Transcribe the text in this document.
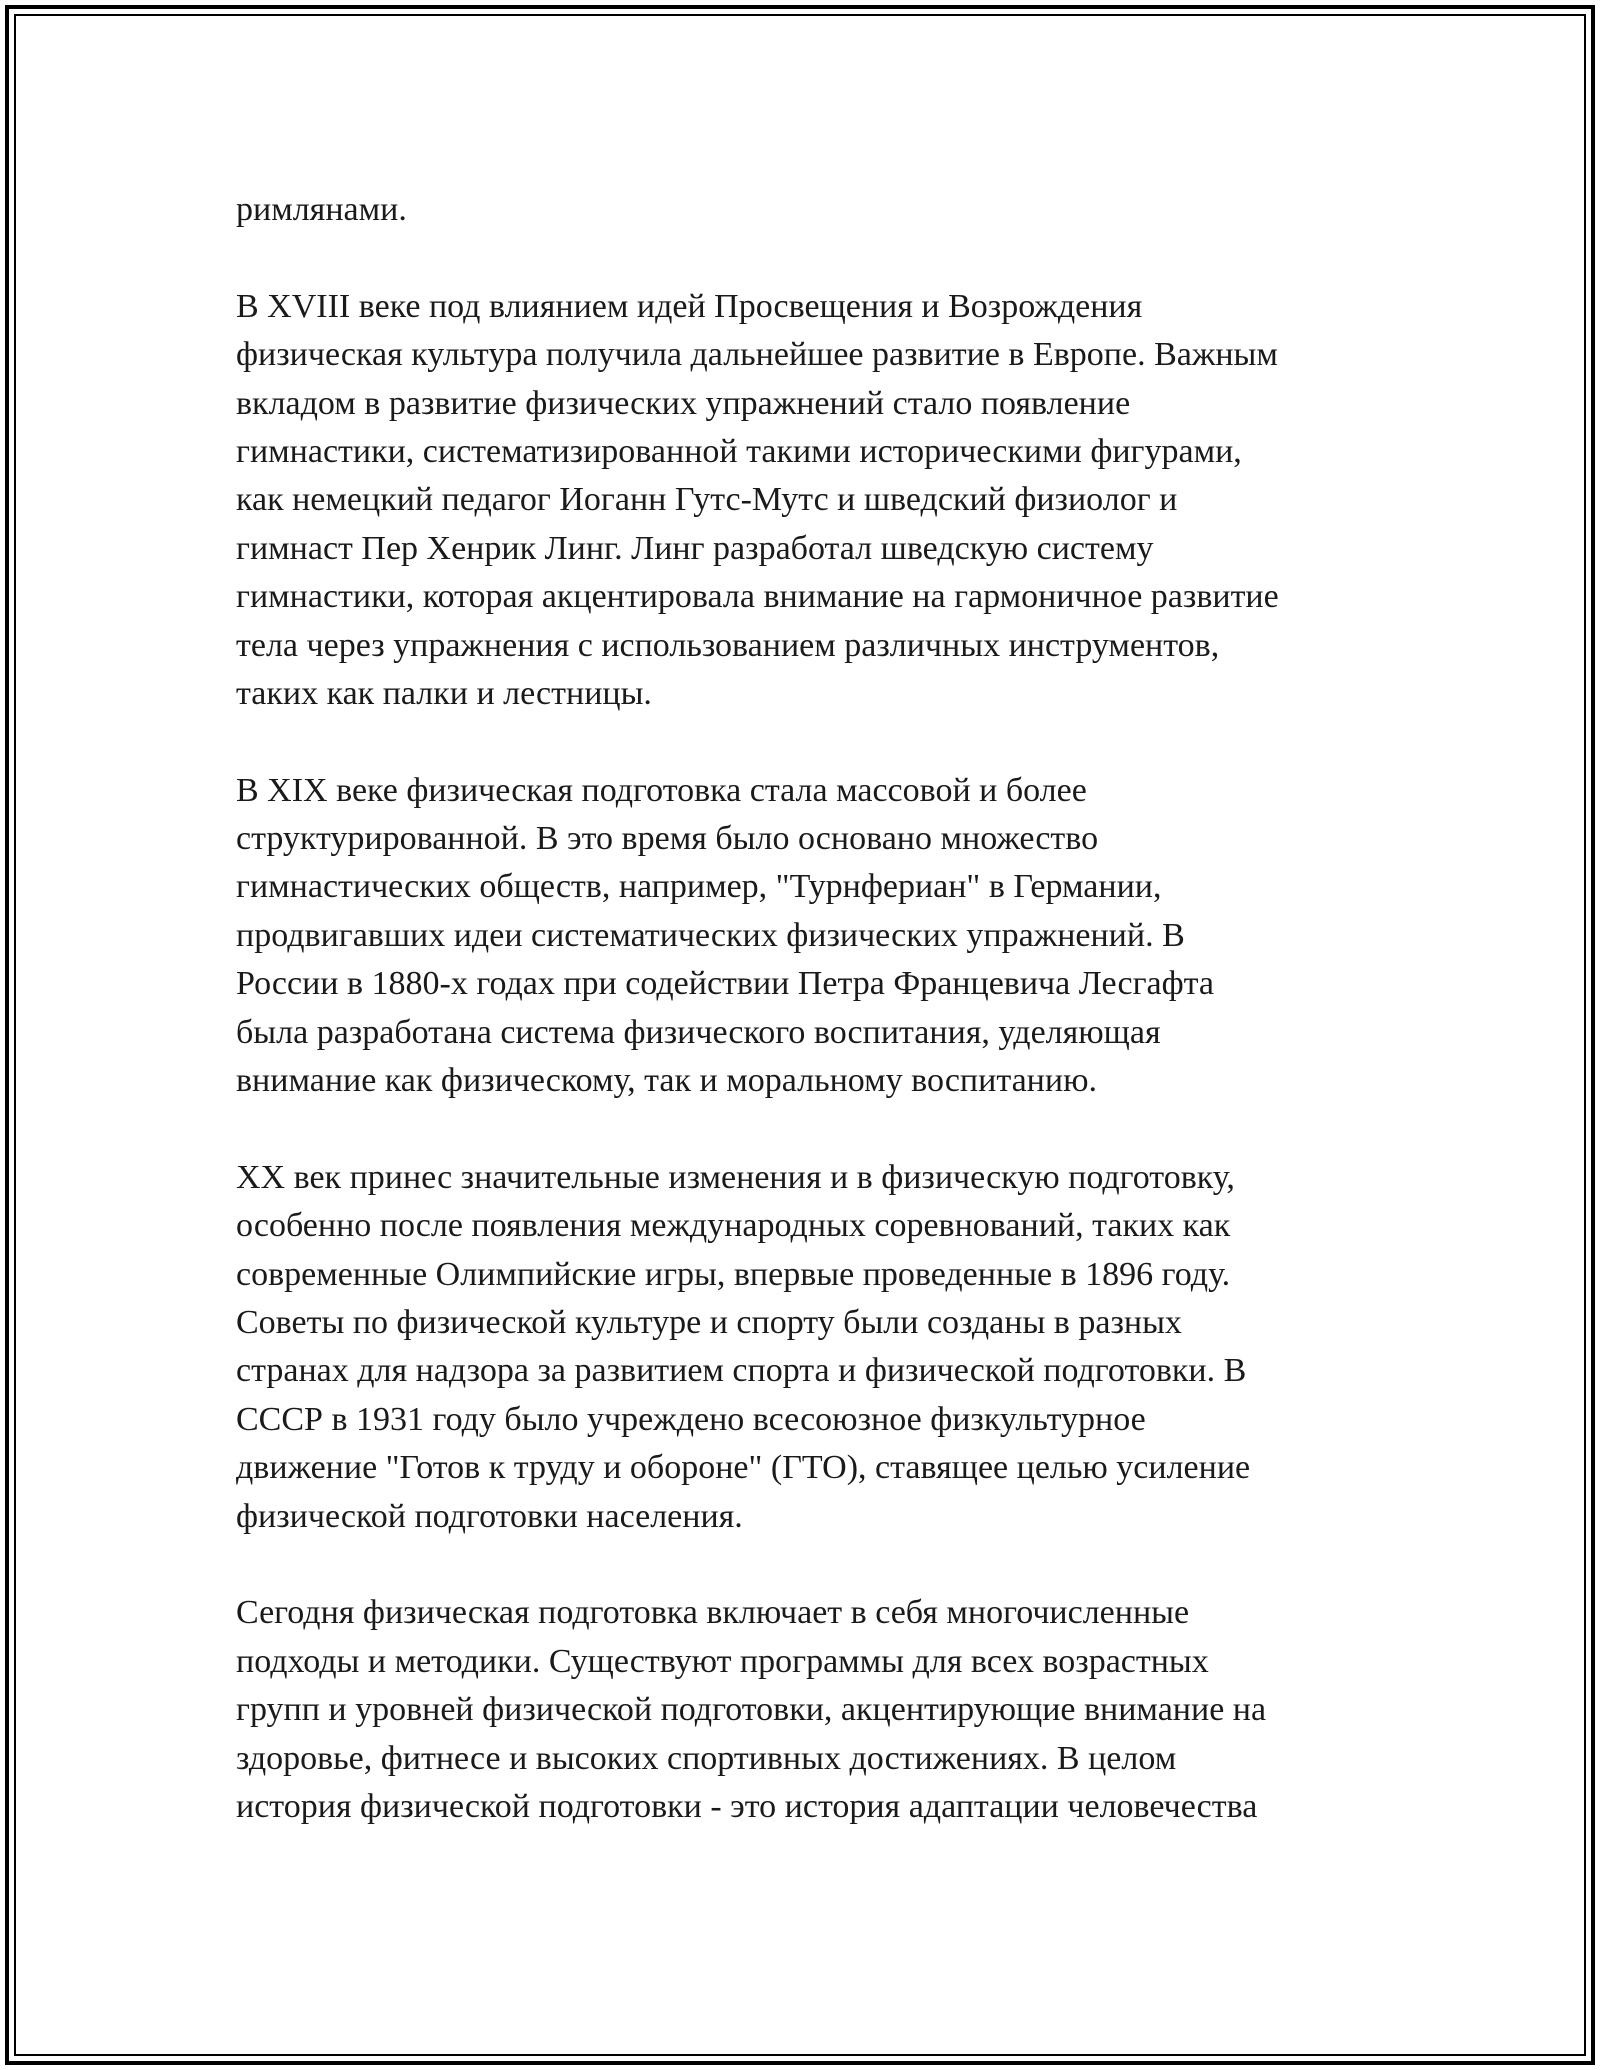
римлянами.
В XVIII веке под влиянием идей Просвещения и Возрождения
физическая культура получила дальнейшее развитие в Европе. Важным
вкладом в развитие физических упражнений стало появление
гимнастики, систематизированной такими историческими фигурами,
как немецкий педагог Иоганн Гутс-Мутс и шведский физиолог и
гимнаст Пер Хенрик Линг. Линг разработал шведскую систему
гимнастики, которая акцентировала внимание на гармоничное развитие
тела через упражнения с использованием различных инструментов,
таких как палки и лестницы.
В XIX веке физическая подготовка стала массовой и более
структурированной. В это время было основано множество
гимнастических обществ, например, "Турнфериан" в Германии,
продвигавших идеи систематических физических упражнений. В
России в 1880-х годах при содействии Петра Францевича Лесгафта
была разработана система физического воспитания, уделяющая
внимание как физическому, так и моральному воспитанию.
XX век принес значительные изменения и в физическую подготовку,
особенно после появления международных соревнований, таких как
современные Олимпийские игры, впервые проведенные в 1896 году.
Советы по физической культуре и спорту были созданы в разных
странах для надзора за развитием спорта и физической подготовки. В
СССР в 1931 году было учреждено всесоюзное физкультурное
движение "Готов к труду и обороне" (ГТО), ставящее целью усиление
физической подготовки населения.
Сегодня физическая подготовка включает в себя многочисленные
подходы и методики. Существуют программы для всех возрастных
групп и уровней физической подготовки, акцентирующие внимание на
здоровье, фитнесе и высоких спортивных достижениях. В целом
история физической подготовки - это история адаптации человечества
